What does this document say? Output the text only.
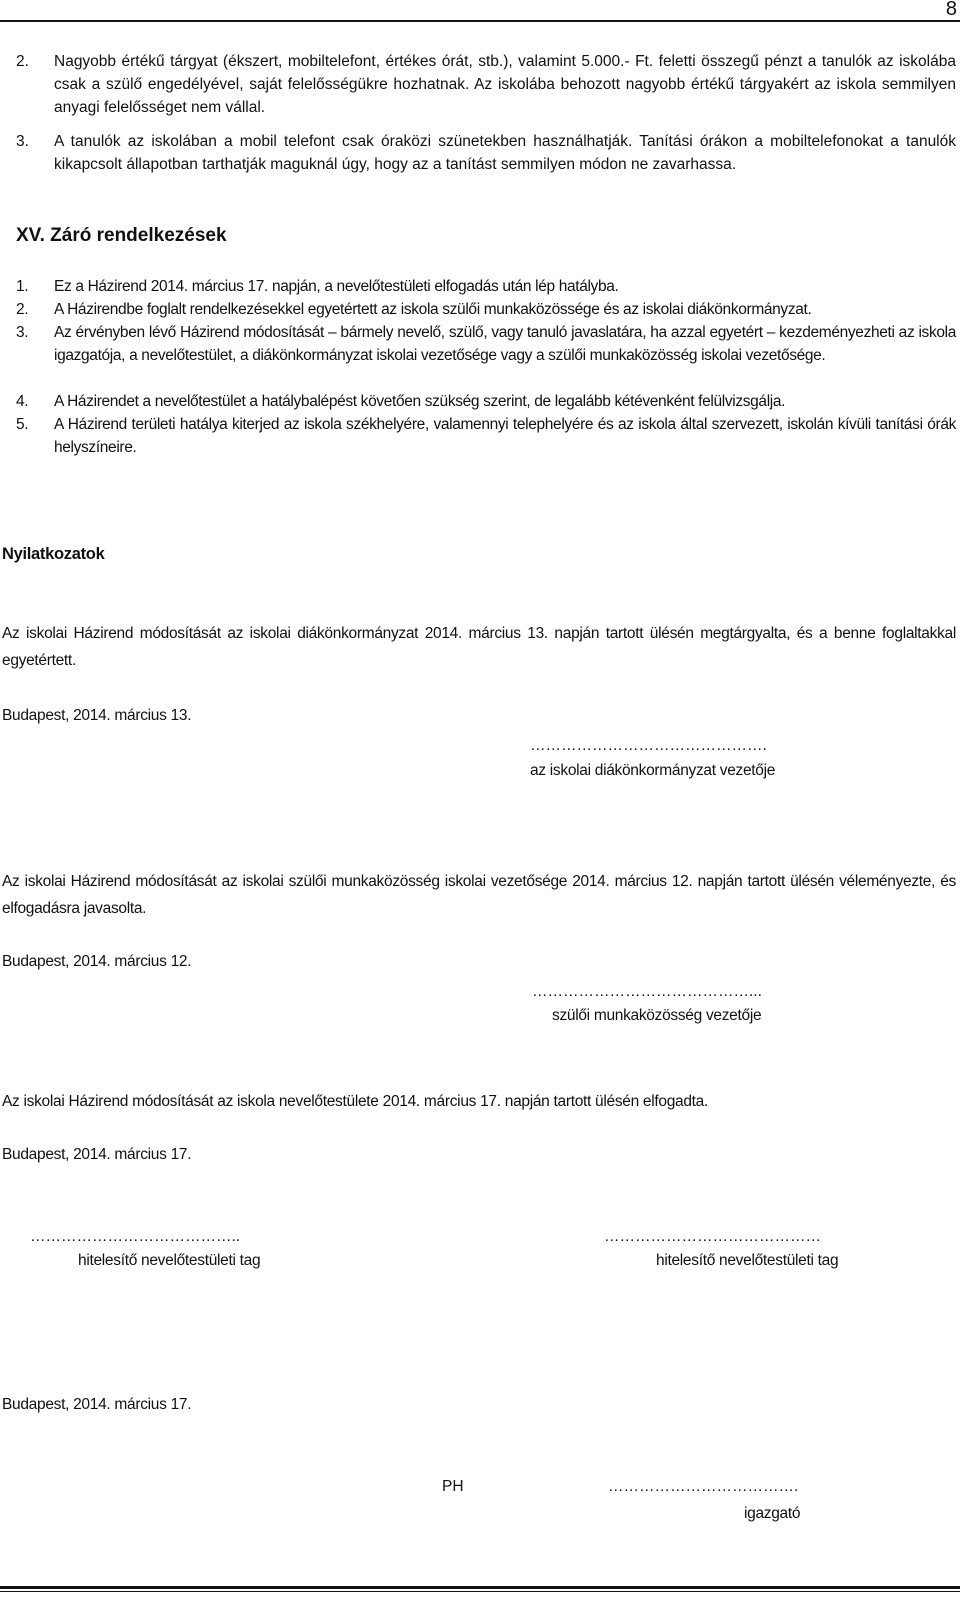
8
2. Nagyobb értékű tárgyat (ékszert, mobiltelefont, értékes órát, stb.), valamint 5.000.- Ft. feletti összegű pénzt a tanulók az iskolába csak a szülő engedélyével, saját felelősségükre hozhatnak. Az iskolába behozott nagyobb értékű tárgyakért az iskola semmilyen anyagi felelősséget nem vállal.
3. A tanulók az iskolában a mobil telefont csak óraközi szünetekben használhatják. Tanítási órákon a mobiltelefonokat a tanulók kikapcsolt állapotban tarthatják maguknál úgy, hogy az a tanítást semmilyen módon ne zavarhassa.
XV. Záró rendelkezések
1. Ez a Házirend 2014. március 17. napján, a nevelőtestületi elfogadás után lép hatályba.
2. A Házirendbe foglalt rendelkezésekkel egyetértett az iskola szülői munkaközössége és az iskolai diákönkormányzat.
3. Az érvényben lévő Házirend módosítását – bármely nevelő, szülő, vagy tanuló javaslatára, ha azzal egyetért – kezdeményezheti az iskola igazgatója, a nevelőtestület, a diákönkormányzat iskolai vezetősége vagy a szülői munkaközösség iskolai vezetősége.
4. A Házirendet a nevelőtestület a hatálybalépést követően szükség szerint, de legalább kétévenként felülvizsgálja.
5. A Házirend területi hatálya kiterjed az iskola székhelyére, valamennyi telephelyére és az iskola által szervezett, iskolán kívüli tanítási órák helyszíneire.
Nyilatkozatok
Az iskolai Házirend módosítását az iskolai diákönkormányzat 2014. március 13. napján tartott ülésén megtárgyalta, és a benne foglaltakkal egyetértett.
Budapest, 2014. március 13.
……………………………………….
az iskolai diákönkormányzat vezetője
Az iskolai Házirend módosítását az iskolai szülői munkaközösség iskolai vezetősége 2014. március 12. napján tartott ülésén véleményezte, és elfogadásra javasolta.
Budapest, 2014. március 12.
……………………………………...
szülői munkaközösség vezetője
Az iskolai Házirend módosítását az iskola nevelőtestülete 2014. március 17. napján tartott ülésén elfogadta.
Budapest, 2014. március 17.
…………………………………..
hitelesítő nevelőtestületi tag
……………………………………
hitelesítő nevelőtestületi tag
Budapest, 2014. március 17.
PH	……………………………….
igazgató
